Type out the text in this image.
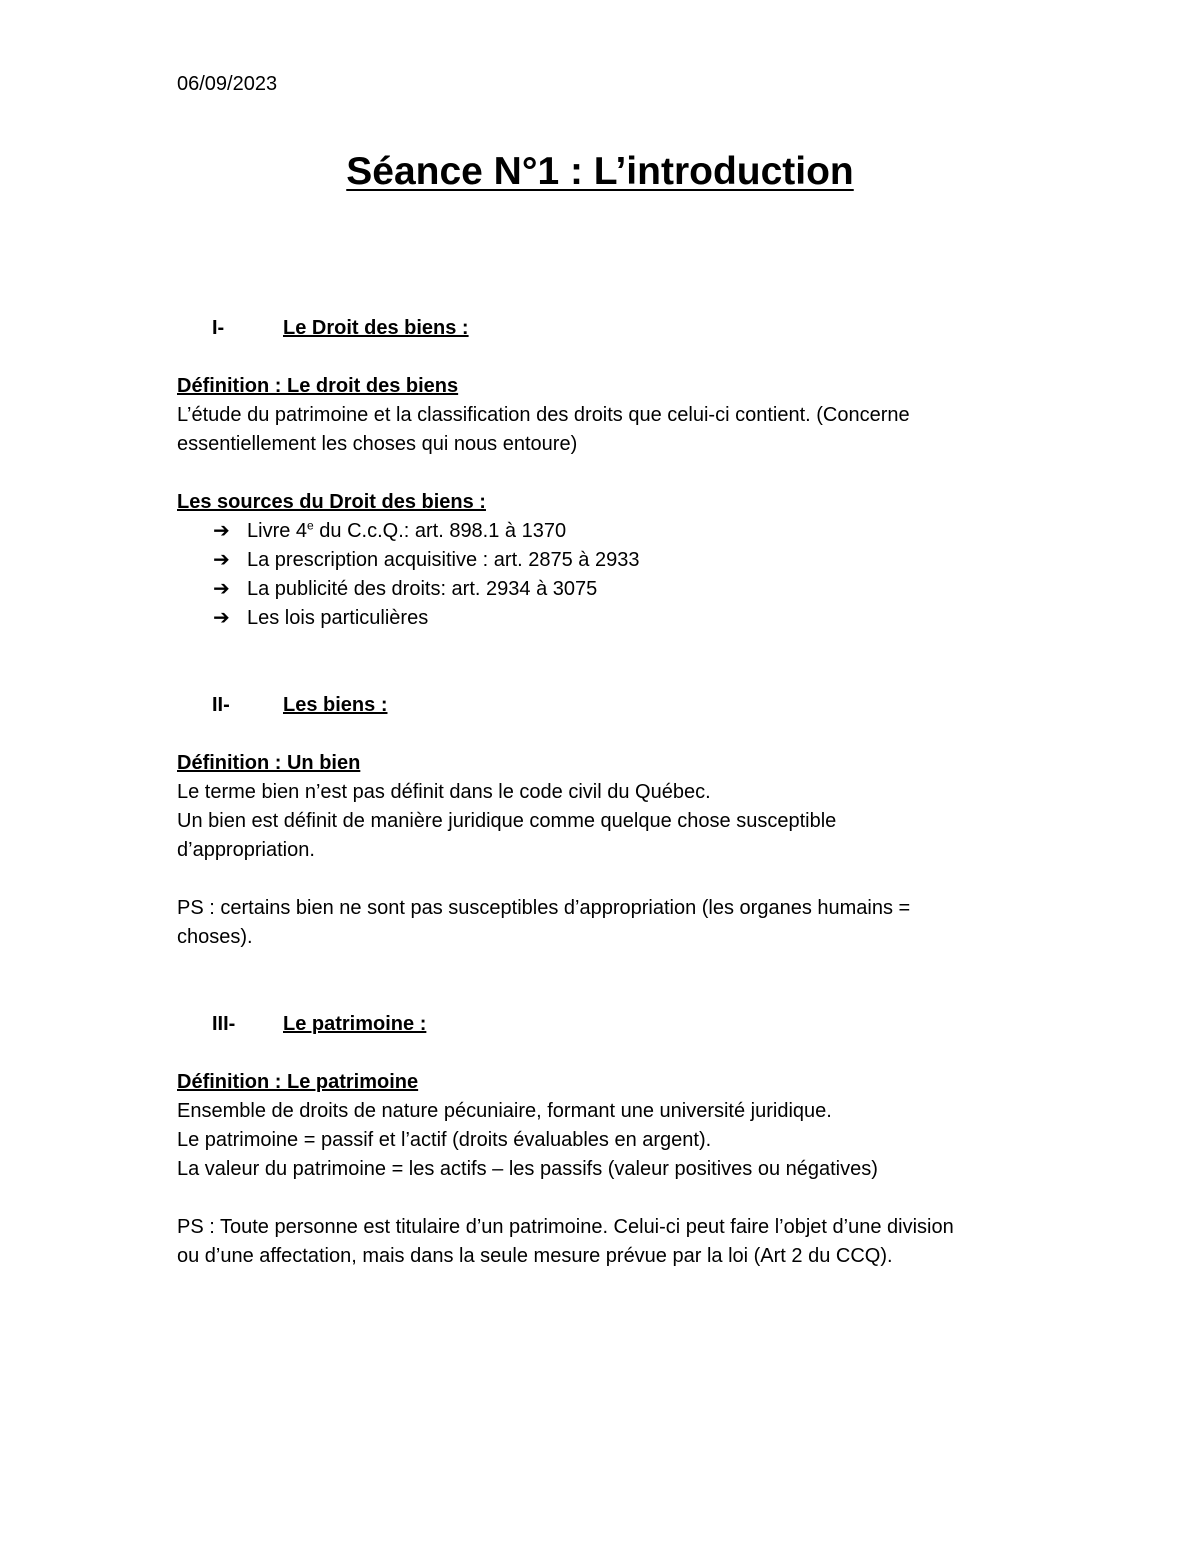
06/09/2023
Séance N°1 : L’introduction
I-	Le Droit des biens :
Définition : Le droit des biens
L’étude du patrimoine et la classification des droits que celui-ci contient. (Concerne
essentiellement les choses qui nous entoure)
Les sources du Droit des biens :
➔ Livre 4e du C.c.Q.: art. 898.1 à 1370
➔ La prescription acquisitive : art. 2875 à 2933
➔ La publicité des droits: art. 2934 à 3075
➔ Les lois particulières
II-	Les biens :
Définition : Un bien
Le terme bien n’est pas définit dans le code civil du Québec.
Un bien est définit de manière juridique comme quelque chose susceptible
d’appropriation.
PS : certains bien ne sont pas susceptibles d’appropriation (les organes humains =
choses).
III- Le patrimoine :
Définition : Le patrimoine
Ensemble de droits de nature pécuniaire, formant une université juridique.
Le patrimoine = passif et l’actif (droits évaluables en argent).
La valeur du patrimoine = les actifs – les passifs (valeur positives ou négatives)
PS : Toute personne est titulaire d’un patrimoine. Celui-ci peut faire l’objet d’une division
ou d’une affectation, mais dans la seule mesure prévue par la loi (Art 2 du CCQ).
